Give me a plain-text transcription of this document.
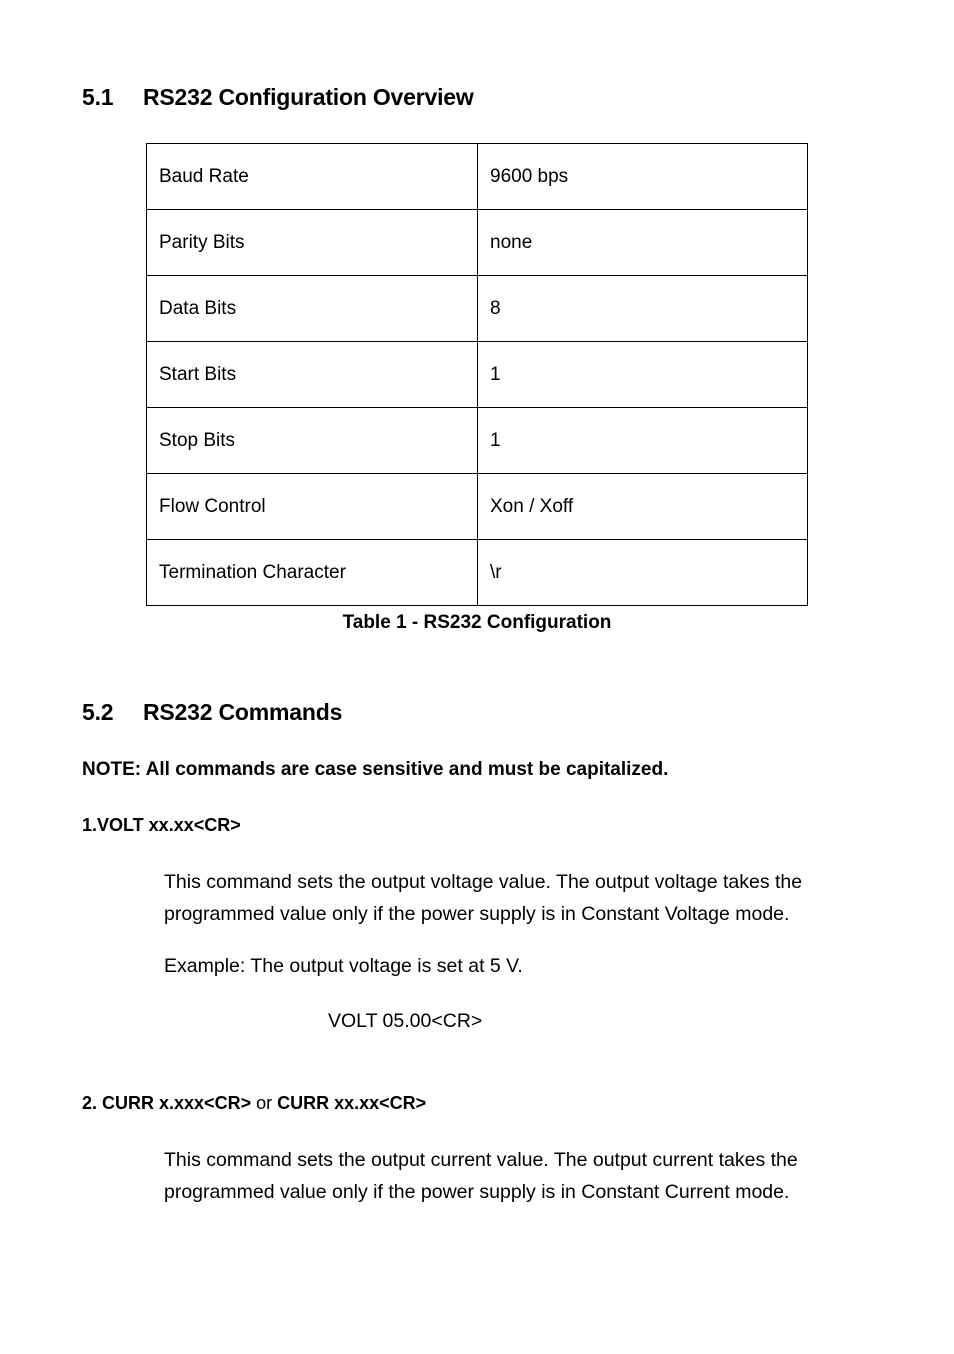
5.1 RS232 Configuration Overview
Baud Rate	9600 bps
Parity Bits	none
Data Bits	8
Start Bits	1
Stop Bits	1
Flow Control	Xon / Xoff
Termination Character	\r
Table 1 - RS232 Configuration
5.2 RS232 Commands
NOTE: All commands are case sensitive and must be capitalized.
1.VOLT xx.xx<CR>
This command sets the output voltage value. The output voltage takes the
programmed value only if the power supply is in Constant Voltage mode.
Example: The output voltage is set at 5 V.
VOLT 05.00<CR>
2. CURR x.xxx<CR> or CURR xx.xx<CR>
This command sets the output current value. The output current takes the
programmed value only if the power supply is in Constant Current mode.
